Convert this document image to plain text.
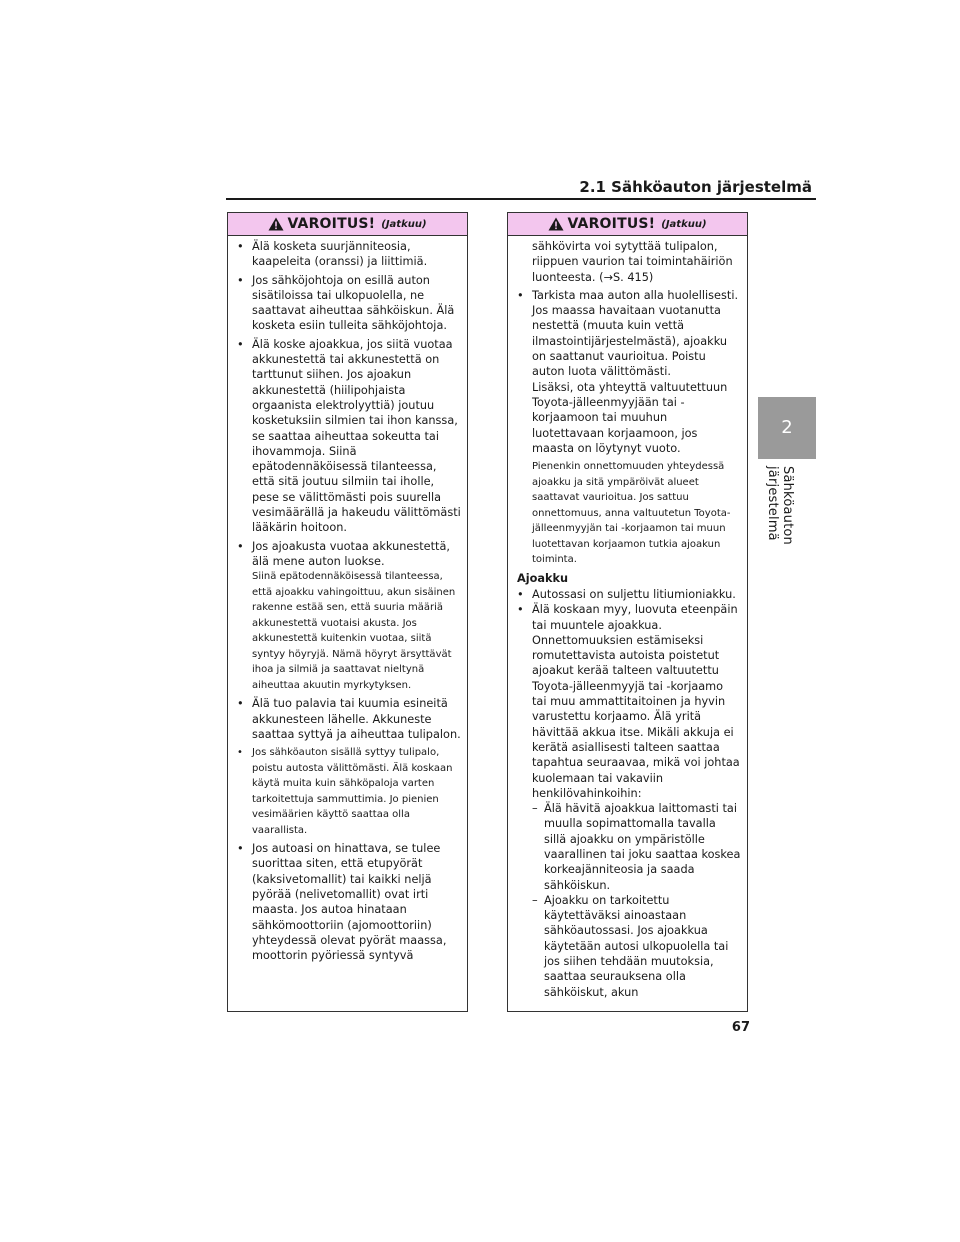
2.1 Sähköauton järjestelmä
2
Sähköauton järjestelmä
VAROITUS! (Jatkuu)
• Älä kosketa suurjänniteosia, kaapeleita (oranssi) ja liittimiä.
• Jos sähköjohtoja on esillä auton sisätiloissa tai ulkopuolella, ne saattavat aiheuttaa sähköiskun. Älä kosketa esiin tulleita sähköjohtoja.
• Älä koske ajoakkua, jos siitä vuotaa akkunestettä tai akkunestettä on tarttunut siihen. Jos ajoakun akkunestettä (hiilipohjaista orgaanista elektrolyyttiä) joutuu kosketuksiin silmien tai ihon kanssa, se saattaa aiheuttaa sokeutta tai ihovammoja. Siinä epätodennäköisessä tilanteessa, että sitä joutuu silmiin tai iholle, pese se välittömästi pois suurella vesimäärällä ja hakeudu välittömästi lääkärin hoitoon.
• Jos ajoakusta vuotaa akkunestettä, älä mene auton luokse.
Siinä epätodennäköisessä tilanteessa, että ajoakku vahingoittuu, akun sisäinen rakenne estää sen, että suuria määriä akkunestettä vuotaisi akusta. Jos akkunestettä kuitenkin vuotaa, siitä syntyy höyryjä. Nämä höyryt ärsyttävät ihoa ja silmiä ja saattavat nieltynä aiheuttaa akuutin myrkytyksen.
• Älä tuo palavia tai kuumia esineitä akkunesteen lähelle. Akkuneste saattaa syttyä ja aiheuttaa tulipalon.
• Jos sähköauton sisällä syttyy tulipalo, poistu autosta välittömästi. Älä koskaan käytä muita kuin sähköpaloja varten tarkoitettuja sammuttimia. Jo pienien vesimäärien käyttö saattaa olla vaarallista.
• Jos autoasi on hinattava, se tulee suorittaa siten, että etupyörät (kaksivetomallit) tai kaikki neljä pyörää (nelivetomallit) ovat irti maasta. Jos autoa hinataan sähkömoottoriin (ajomoottoriin) yhteydessä olevat pyörät maassa, moottorin pyöriessä syntyvä
VAROITUS! (Jatkuu)
sähkövirta voi sytyttää tulipalon, riippuen vaurion tai toimintahäiriön luonteesta. (→S. 415)
• Tarkista maa auton alla huolellisesti. Jos maassa havaitaan vuotanutta nestettä (muuta kuin vettä ilmastointijärjestelmästä), ajoakku on saattanut vaurioitua. Poistu auton luota välittömästi.
Lisäksi, ota yhteyttä valtuutettuun Toyota-jälleenmyyjään tai -korjaamoon tai muuhun luotettavaan korjaamoon, jos maasta on löytynyt vuoto.
Pienenkin onnettomuuden yhteydessä ajoakku ja sitä ympäröivät alueet saattavat vaurioitua. Jos sattuu onnettomuus, anna valtuutetun Toyota-jälleenmyyjän tai -korjaamon tai muun luotettavan korjaamon tutkia ajoakun toiminta.
Ajoakku
• Autossasi on suljettu litiumioniakku.
• Älä koskaan myy, luovuta eteenpäin tai muuntele ajoakkua. Onnettomuuksien estämiseksi romutettavista autoista poistetut ajoakut kerää talteen valtuutettu Toyota-jälleenmyyjä tai -korjaamo tai muu ammattitaitoinen ja hyvin varustettu korjaamo. Älä yritä hävittää akkua itse. Mikäli akkuja ei kerätä asiallisesti talteen saattaa tapahtua seuraavaa, mikä voi johtaa kuolemaan tai vakaviin henkilövahinkoihin:
– Älä hävitä ajoakkua laittomasti tai muulla sopimattomalla tavalla sillä ajoakku on ympäristölle vaarallinen tai joku saattaa koskea korkeajänniteosia ja saada sähköiskun.
– Ajoakku on tarkoitettu käytettäväksi ainoastaan sähköautossasi. Jos ajoakkua käytetään autosi ulkopuolella tai jos siihen tehdään muutoksia, saattaa seurauksena olla sähköiskut, akun
67
